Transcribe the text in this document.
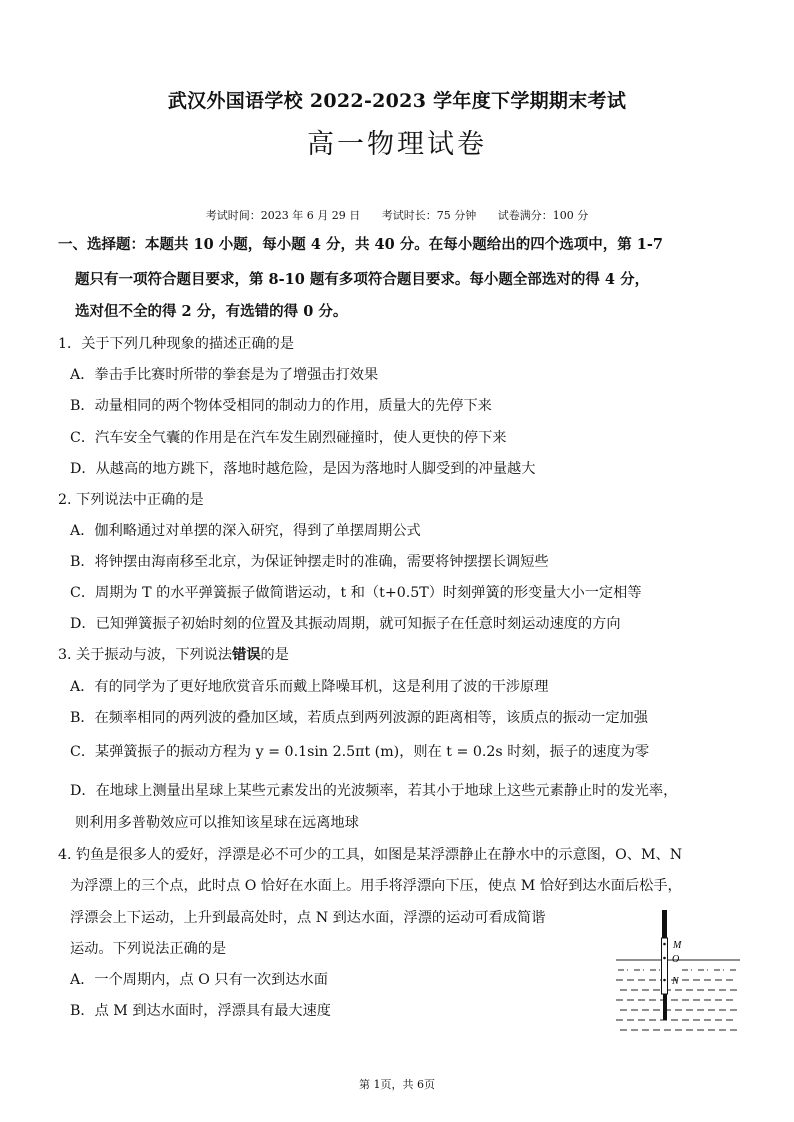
武汉外国语学校 2022-2023 学年度下学期期末考试
高一物理试卷
考试时间：2023 年 6 月 29 日 考试时长：75 分钟 试卷满分：100 分
一、选择题：本题共 10 小题，每小题 4 分，共 40 分。在每小题给出的四个选项中，第 1-7
题只有一项符合题目要求，第 8-10 题有多项符合题目要求。每小题全部选对的得 4 分，
选对但不全的得 2 分，有选错的得 0 分。
1．关于下列几种现象的描述正确的是
A．拳击手比赛时所带的拳套是为了增强击打效果
B．动量相同的两个物体受相同的制动力的作用，质量大的先停下来
C．汽车安全气囊的作用是在汽车发生剧烈碰撞时，使人更快的停下来
D．从越高的地方跳下，落地时越危险，是因为落地时人脚受到的冲量越大
2. 下列说法中正确的是
A．伽利略通过对单摆的深入研究，得到了单摆周期公式
B．将钟摆由海南移至北京，为保证钟摆走时的准确，需要将钟摆摆长调短些
C．周期为 T 的水平弹簧振子做简谐运动，t 和（t+0.5T）时刻弹簧的形变量大小一定相等
D．已知弹簧振子初始时刻的位置及其振动周期，就可知振子在任意时刻运动速度的方向
3. 关于振动与波，下列说法错误的是
A．有的同学为了更好地欣赏音乐而戴上降噪耳机，这是利用了波的干涉原理
B．在频率相同的两列波的叠加区域，若质点到两列波源的距离相等，该质点的振动一定加强
C．某弹簧振子的振动方程为 y = 0.1sin 2.5πt (m)，则在 t = 0.2s 时刻，振子的速度为零
D．在地球上测量出星球上某些元素发出的光波频率，若其小于地球上这些元素静止时的发光率，
则利用多普勒效应可以推知该星球在远离地球
4. 钓鱼是很多人的爱好，浮漂是必不可少的工具，如图是某浮漂静止在静水中的示意图，O、M、N
为浮漂上的三个点，此时点 O 恰好在水面上。用手将浮漂向下压，使点 M 恰好到达水面后松手，
浮漂会上下运动，上升到最高处时，点 N 到达水面，浮漂的运动可看成简谐
运动。下列说法正确的是
A．一个周期内，点 O 只有一次到达水面
B．点 M 到达水面时，浮漂具有最大速度
M
O
N
第 1页，共 6页
